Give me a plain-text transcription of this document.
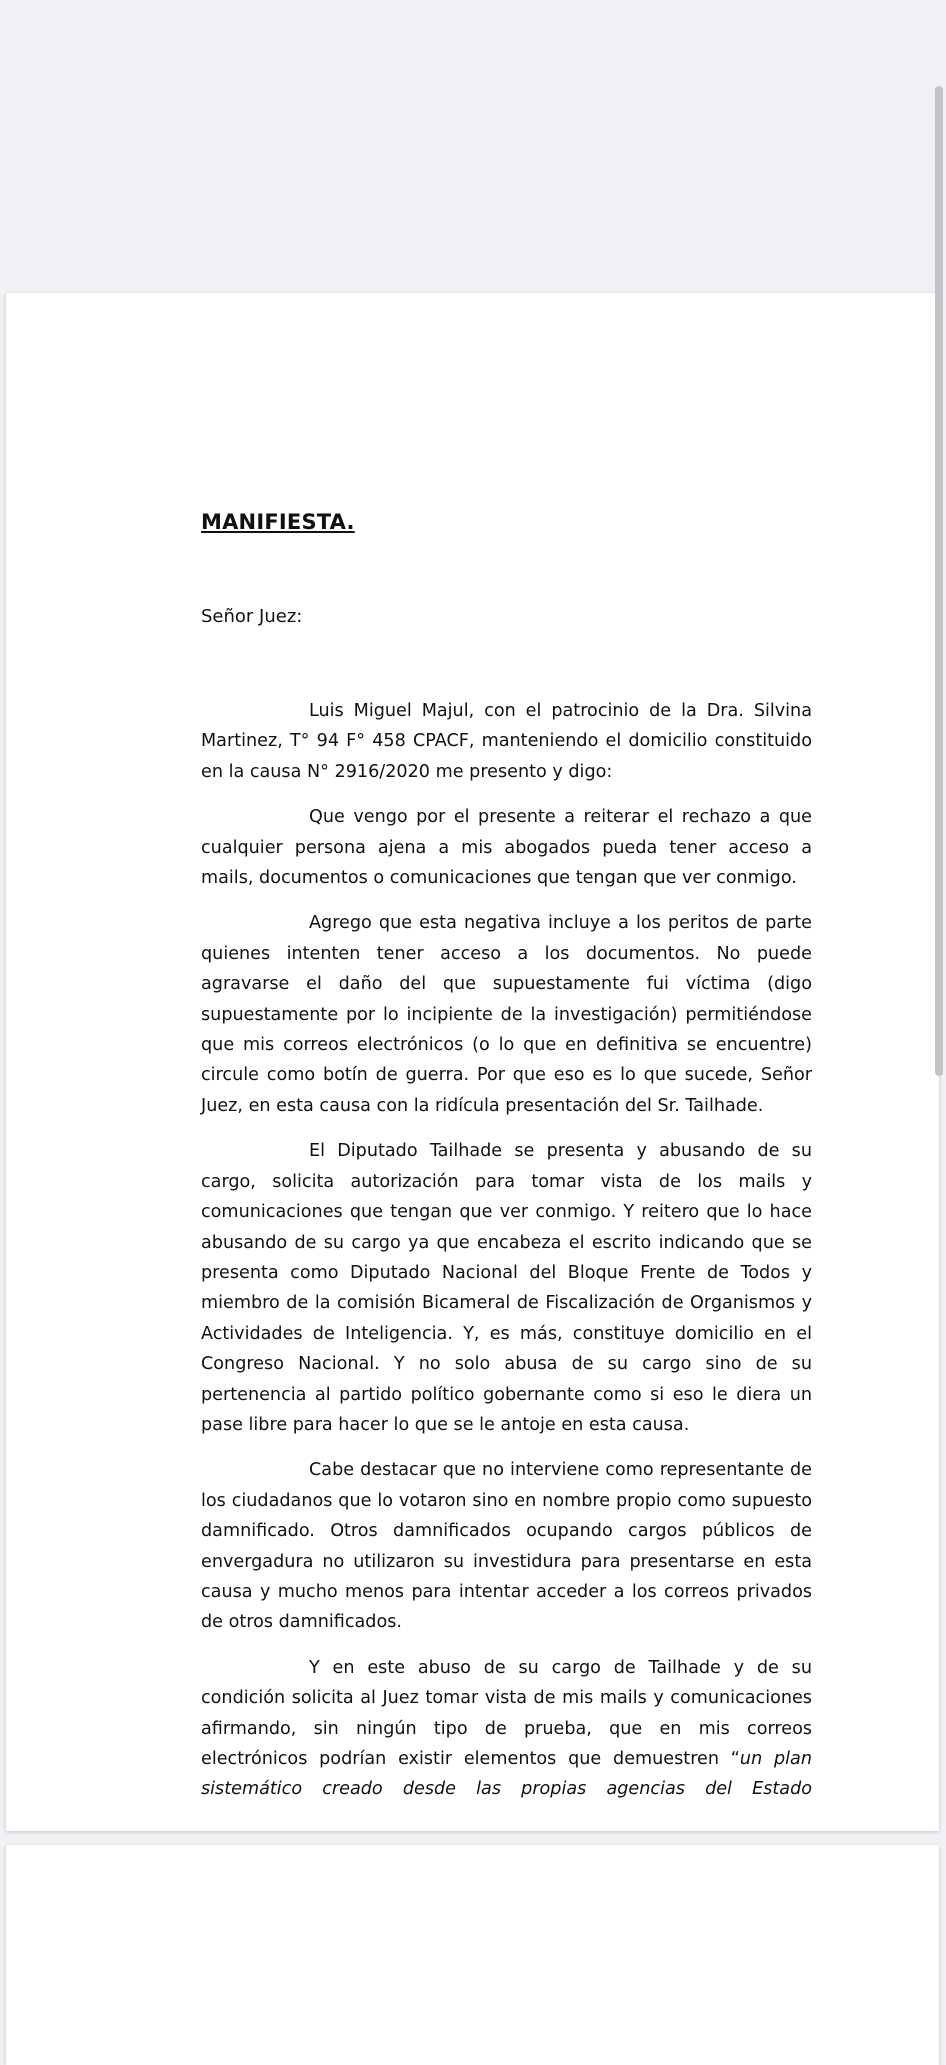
MANIFIESTA.
Señor Juez:

Luis Miguel Majul, con el patrocinio de la Dra. Silvina Martinez, T° 94 F° 458 CPACF, manteniendo el domicilio constituido en la causa N° 2916/2020 me presento y digo:

Que vengo por el presente a reiterar el rechazo a que cualquier persona ajena a mis abogados pueda tener acceso a mails, documentos o comunicaciones que tengan que ver conmigo.

Agrego que esta negativa incluye a los peritos de parte quienes intenten tener acceso a los documentos. No puede agravarse el daño del que supuestamente fui víctima (digo supuestamente por lo incipiente de la investigación) permitiéndose que mis correos electrónicos (o lo que en definitiva se encuentre) circule como botín de guerra. Por que eso es lo que sucede, Señor Juez, en esta causa con la ridícula presentación del Sr. Tailhade.

El Diputado Tailhade se presenta y abusando de su cargo, solicita autorización para tomar vista de los mails y comunicaciones que tengan que ver conmigo. Y reitero que lo hace abusando de su cargo ya que encabeza el escrito indicando que se presenta como Diputado Nacional del Bloque Frente de Todos y miembro de la comisión Bicameral de Fiscalización de Organismos y Actividades de Inteligencia. Y, es más, constituye domicilio en el Congreso Nacional. Y no solo abusa de su cargo sino de su pertenencia al partido político gobernante como si eso le diera un pase libre para hacer lo que se le antoje en esta causa.

Cabe destacar que no interviene como representante de los ciudadanos que lo votaron sino en nombre propio como supuesto damnificado. Otros damnificados ocupando cargos públicos de envergadura no utilizaron su investidura para presentarse en esta causa y mucho menos para intentar acceder a los correos privados de otros damnificados.

Y en este abuso de su cargo de Tailhade y de su condición solicita al Juez tomar vista de mis mails y comunicaciones afirmando, sin ningún tipo de prueba, que en mis correos electrónicos podrían existir elementos que demuestren “un plan sistemático creado desde las propias agencias del Estado
